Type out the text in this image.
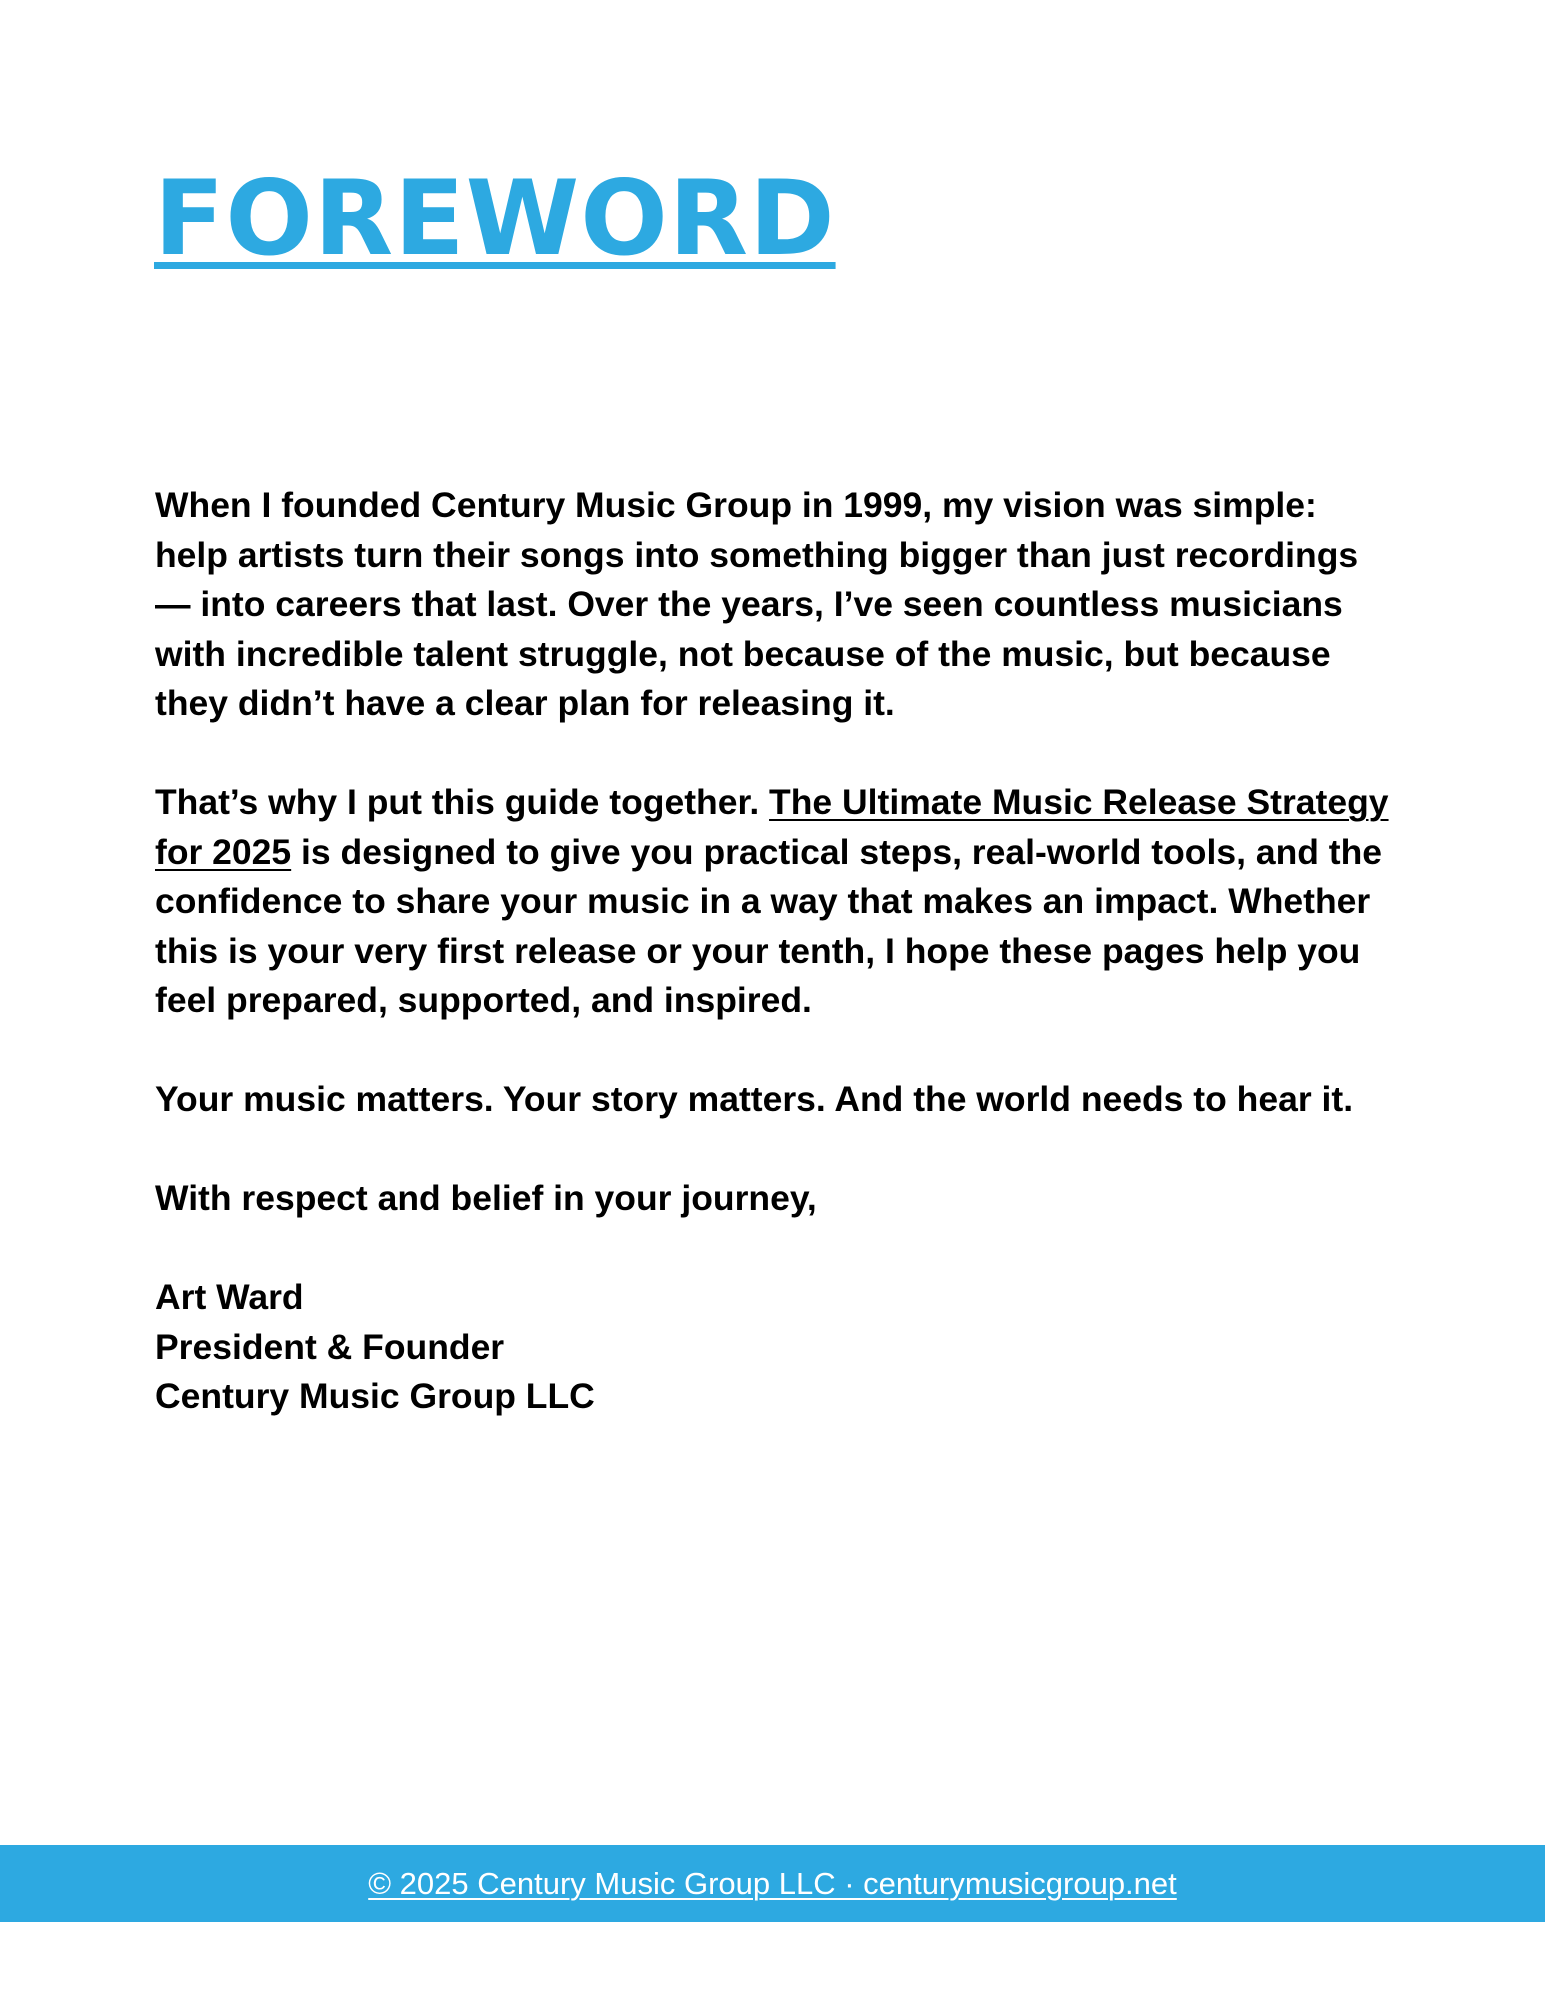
FOREWORD

When I founded Century Music Group in 1999, my vision was simple: help artists turn their songs into something bigger than just recordings — into careers that last. Over the years, I’ve seen countless musicians with incredible talent struggle, not because of the music, but because they didn’t have a clear plan for releasing it.

That’s why I put this guide together. The Ultimate Music Release Strategy for 2025 is designed to give you practical steps, real-world tools, and the confidence to share your music in a way that makes an impact. Whether this is your very first release or your tenth, I hope these pages help you feel prepared, supported, and inspired.

Your music matters. Your story matters. And the world needs to hear it.

With respect and belief in your journey,

Art Ward
President & Founder
Century Music Group LLC

© 2025 Century Music Group LLC · centurymusicgroup.net
